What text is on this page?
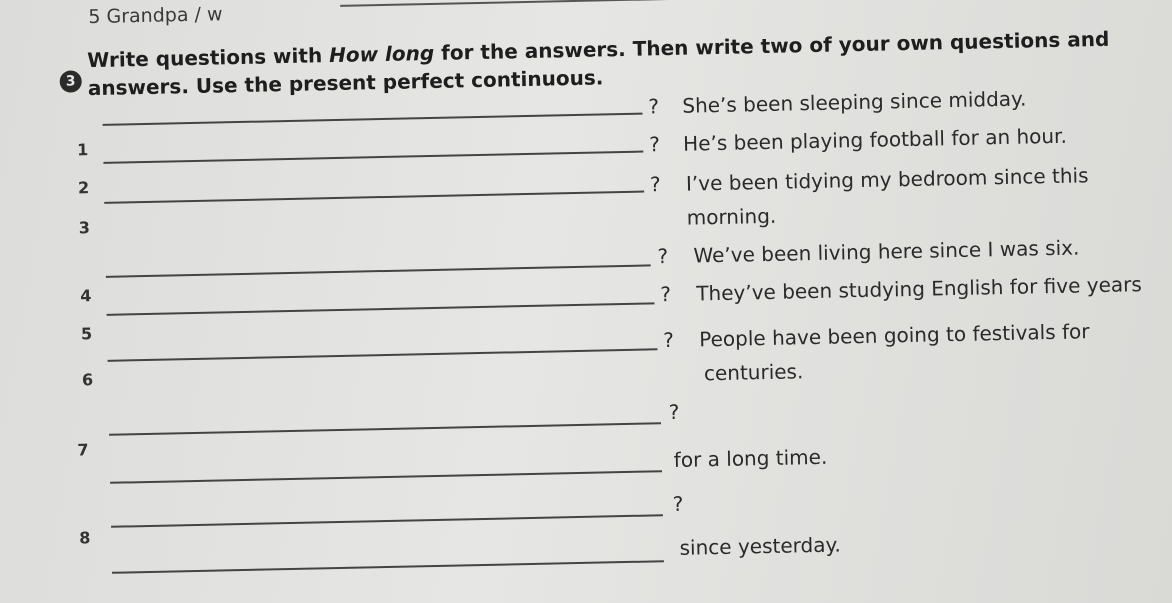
5 Grandpa / w
3
Write questions with How long for the answers. Then write two of your own questions and answers. Use the present perfect continuous.
1
? She’s been sleeping since midday.
2
? He’s been playing football for an hour.
3
? I’ve been tidying my bedroom since this
morning.
4
? We’ve been living here since I was six.
5
? They’ve been studying English for five years
6
? People have been going to festivals for
centuries.
7
?
for a long time.
8
?
since yesterday.
